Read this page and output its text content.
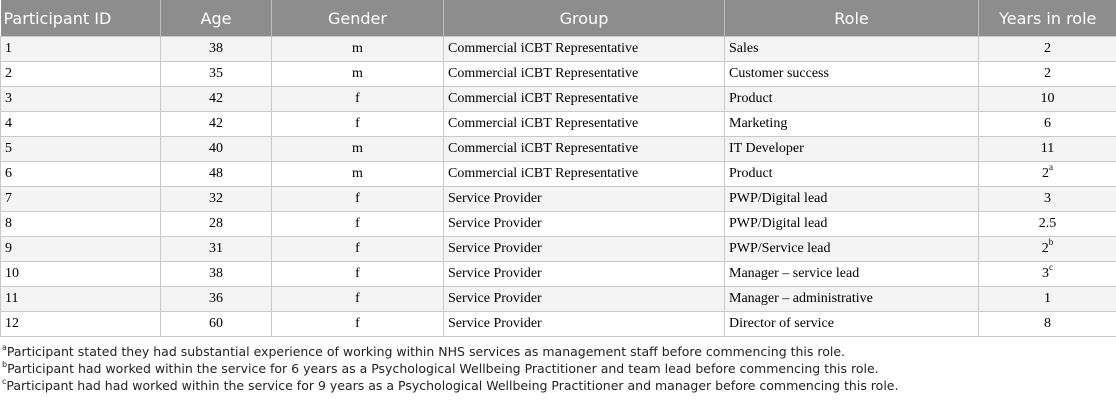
Participant ID	Age	Gender	Group	Role	Years in role
1	38	m	Commercial iCBT Representative	Sales	2
2	35	m	Commercial iCBT Representative	Customer success	2
3	42	f	Commercial iCBT Representative	Product	10
4	42	f	Commercial iCBT Representative	Marketing	6
5	40	m	Commercial iCBT Representative	IT Developer	11
6	48	m	Commercial iCBT Representative	Product	2$^a$
7	32	f	Service Provider	PWP/Digital lead	3
8	28	f	Service Provider	PWP/Digital lead	2.5
9	31	f	Service Provider	PWP/Service lead	2$^b$
10	38	f	Service Provider	Manager – service lead	3$^c$
11	36	f	Service Provider	Manager – administrative	1
12	60	f	Service Provider	Director of service	8
$^a$Participant stated they had substantial experience of working within NHS services as management staff before commencing this role.
$^b$Participant had worked within the service for 6 years as a Psychological Wellbeing Practitioner and team lead before commencing this role.
$^c$Participant had had worked within the service for 9 years as a Psychological Wellbeing Practitioner and manager before commencing this role.
